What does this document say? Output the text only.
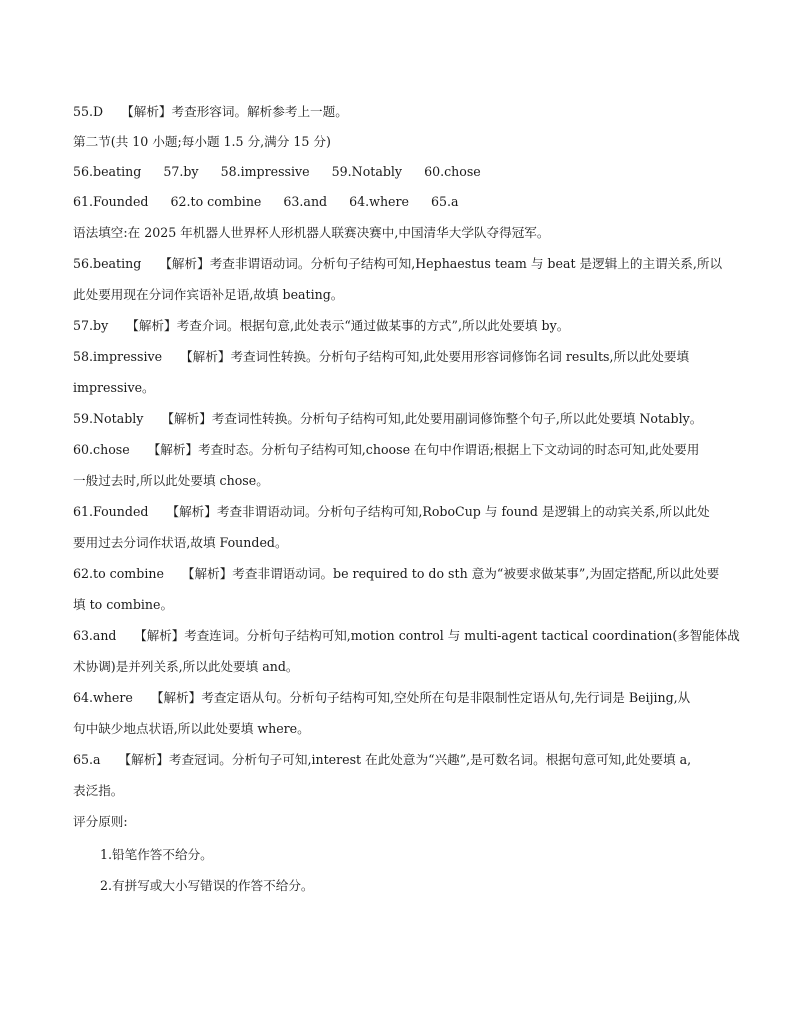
55.D 【解析】考查形容词。解析参考上一题。
第二节(共 10 小题;每小题 1.5 分,满分 15 分)
56.beating 57.by 58.impressive 59.Notably 60.chose
61.Founded 62.to combine 63.and 64.where 65.a
语法填空:在 2025 年机器人世界杯人形机器人联赛决赛中,中国清华大学队夺得冠军。
56.beating 【解析】考查非谓语动词。分析句子结构可知,Hephaestus team 与 beat 是逻辑上的主谓关系,所以
此处要用现在分词作宾语补足语,故填 beating。
57.by 【解析】考查介词。根据句意,此处表示“通过做某事的方式”,所以此处要填 by。
58.impressive 【解析】考查词性转换。分析句子结构可知,此处要用形容词修饰名词 results,所以此处要填
impressive。
59.Notably 【解析】考查词性转换。分析句子结构可知,此处要用副词修饰整个句子,所以此处要填 Notably。
60.chose 【解析】考查时态。分析句子结构可知,choose 在句中作谓语;根据上下文动词的时态可知,此处要用
一般过去时,所以此处要填 chose。
61.Founded 【解析】考查非谓语动词。分析句子结构可知,RoboCup 与 found 是逻辑上的动宾关系,所以此处
要用过去分词作状语,故填 Founded。
62.to combine 【解析】考查非谓语动词。be required to do sth 意为“被要求做某事”,为固定搭配,所以此处要
填 to combine。
63.and 【解析】考查连词。分析句子结构可知,motion control 与 multi-agent tactical coordination(多智能体战
术协调)是并列关系,所以此处要填 and。
64.where 【解析】考查定语从句。分析句子结构可知,空处所在句是非限制性定语从句,先行词是 Beijing,从
句中缺少地点状语,所以此处要填 where。
65.a 【解析】考查冠词。分析句子可知,interest 在此处意为“兴趣”,是可数名词。根据句意可知,此处要填 a,
表泛指。
评分原则:
1.铅笔作答不给分。
2.有拼写或大小写错误的作答不给分。
